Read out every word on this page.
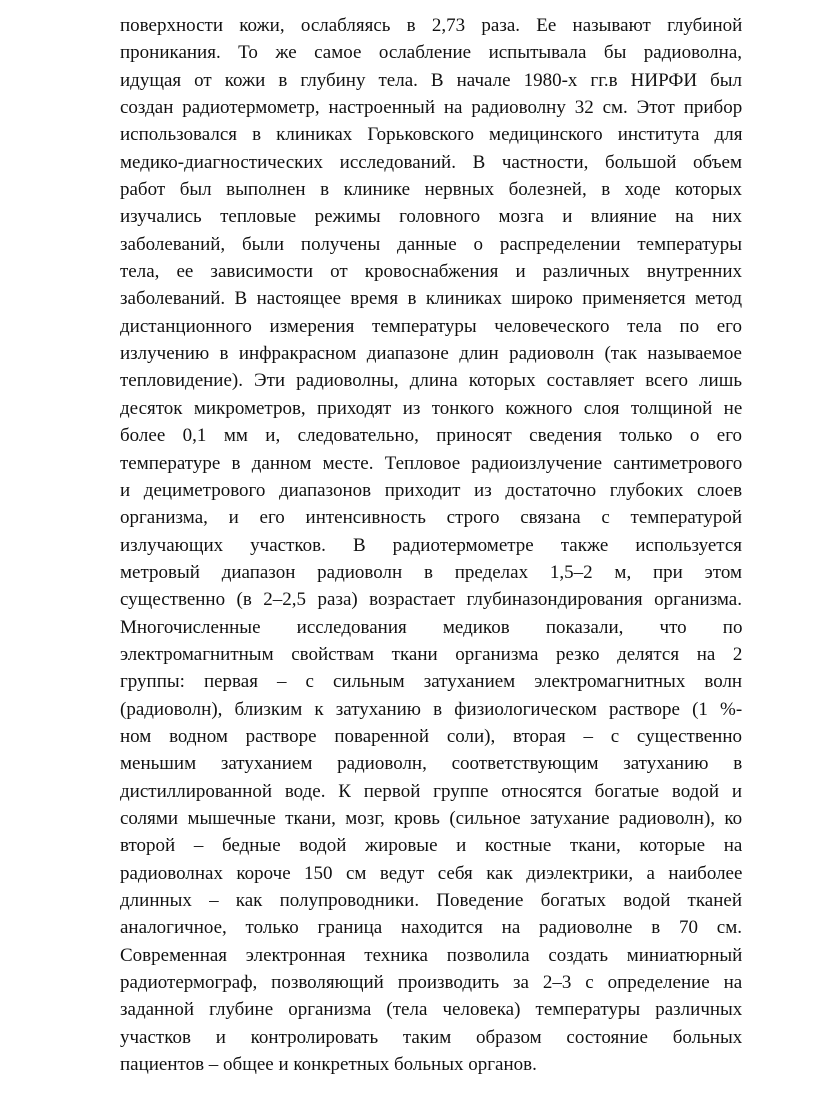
поверхности кожи, ослабляясь в 2,73 раза. Ее называют глубиной
проникания. То же самое ослабление испытывала бы радиоволна,
идущая от кожи в глубину тела. В начале 1980-х гг.в НИРФИ был
создан радиотермометр, настроенный на радиоволну 32 см. Этот прибор
использовался в клиниках Горьковского медицинского института для
медико-диагностических исследований. В частности, большой объем
работ был выполнен в клинике нервных болезней, в ходе которых
изучались тепловые режимы головного мозга и влияние на них
заболеваний, были получены данные о распределении температуры
тела, ее зависимости от кровоснабжения и различных внутренних
заболеваний. В настоящее время в клиниках широко применяется метод
дистанционного измерения температуры человеческого тела по его
излучению в инфракрасном диапазоне длин радиоволн (так называемое
тепловидение). Эти радиоволны, длина которых составляет всего лишь
десяток микрометров, приходят из тонкого кожного слоя толщиной не
более 0,1 мм и, следовательно, приносят сведения только о его
температуре в данном месте. Тепловое радиоизлучение сантиметрового
и дециметрового диапазонов приходит из достаточно глубоких слоев
организма, и его интенсивность строго связана с температурой
излучающих участков. В радиотермометре также используется
метровый диапазон радиоволн в пределах 1,5–2 м, при этом
существенно (в 2–2,5 раза) возрастает глубиназондирования организма.
Многочисленные исследования медиков показали, что по
электромагнитным свойствам ткани организма резко делятся на 2
группы: первая – с сильным затуханием электромагнитных волн
(радиоволн), близким к затуханию в физиологическом растворе (1 %-
ном водном растворе поваренной соли), вторая – с существенно
меньшим затуханием радиоволн, соответствующим затуханию в
дистиллированной воде. К первой группе относятся богатые водой и
солями мышечные ткани, мозг, кровь (сильное затухание радиоволн), ко
второй – бедные водой жировые и костные ткани, которые на
радиоволнах короче 150 см ведут себя как диэлектрики, а наиболее
длинных – как полупроводники. Поведение богатых водой тканей
аналогичное, только граница находится на радиоволне в 70 см.
Современная электронная техника позволила создать миниатюрный
радиотермограф, позволяющий производить за 2–3 с определение на
заданной глубине организма (тела человека) температуры различных
участков и контролировать таким образом состояние больных
пациентов – общее и конкретных больных органов.
